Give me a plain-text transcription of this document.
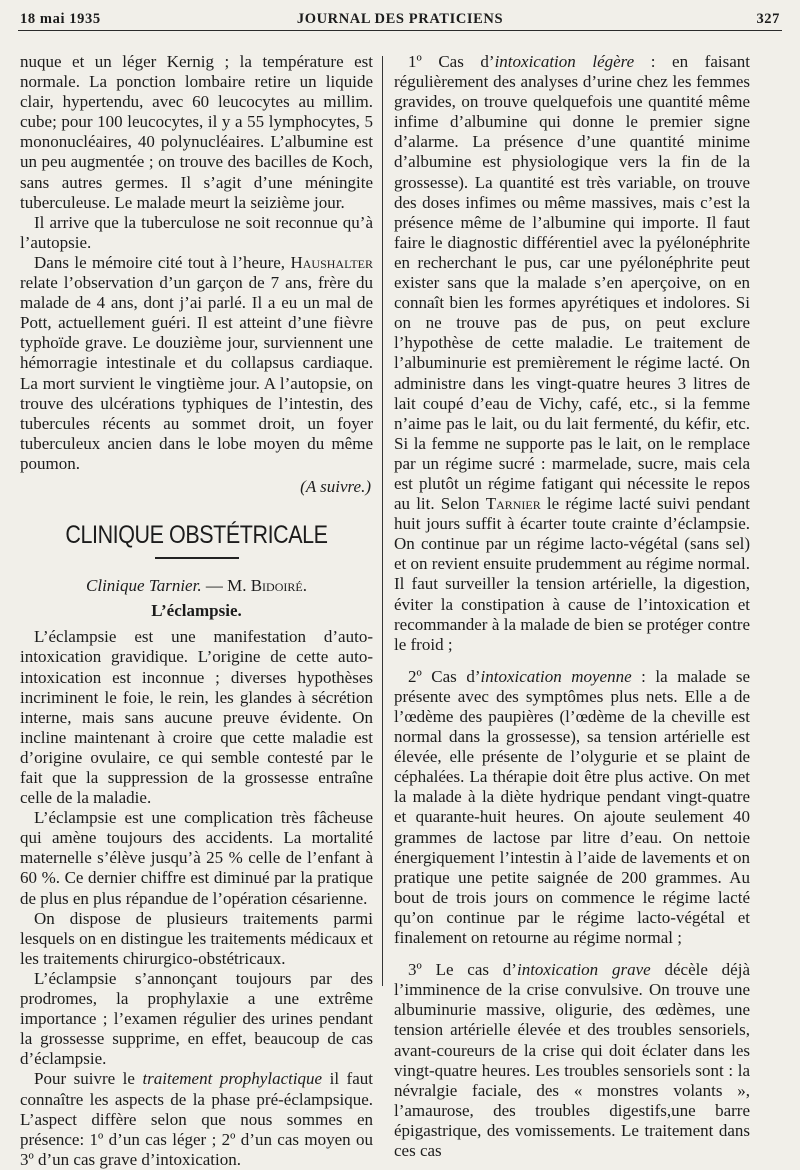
18 mai 1935	JOURNAL DES PRATICIENS	327

nuque et un léger Kernig ; la température est normale. La ponction lombaire retire un liquide clair, hypertendu, avec 60 leucocytes au millim. cube; pour 100 leucocytes, il y a 55 lymphocytes, 5 mononucléaires, 40 polynucléaires. L’albumine est un peu augmentée ; on trouve des bacilles de Koch, sans autres germes. Il s’agit d’une méningite tuberculeuse. Le malade meurt la seizième jour.

Il arrive que la tuberculose ne soit reconnue qu’à l’autopsie.

Dans le mémoire cité tout à l’heure, Haushalter relate l’observation d’un garçon de 7 ans, frère du malade de 4 ans, dont j’ai parlé. Il a eu un mal de Pott, actuellement guéri. Il est atteint d’une fièvre typhoïde grave. Le douzième jour, surviennent une hémorragie intestinale et du collapsus cardiaque. La mort survient le vingtième jour. A l’autopsie, on trouve des ulcérations typhiques de l’intestin, des tubercules récents au sommet droit, un foyer tuberculeux ancien dans le lobe moyen du même poumon.

(A suivre.)
CLINIQUE OBSTÉTRICALE
Clinique Tarnier. — M. Bidoiré.
L’éclampsie.

L’éclampsie est une manifestation d’auto-intoxication gravidique. L’origine de cette auto-intoxication est inconnue ; diverses hypothèses incriminent le foie, le rein, les glandes à sécrétion interne, mais sans aucune preuve évidente. On incline maintenant à croire que cette maladie est d’origine ovulaire, ce qui semble contesté par le fait que la suppression de la grossesse entraîne celle de la maladie.

L’éclampsie est une complication très fâcheuse qui amène toujours des accidents. La mortalité maternelle s’élève jusqu’à 25 % celle de l’enfant à 60 %. Ce dernier chiffre est diminué par la pratique de plus en plus répandue de l’opération césarienne.

On dispose de plusieurs traitements parmi lesquels on en distingue les traitements médicaux et les traitements chirurgico-obstétricaux.

L’éclampsie s’annonçant toujours par des prodromes, la prophylaxie a une extrême importance ; l’examen régulier des urines pendant la grossesse supprime, en effet, beaucoup de cas d’éclampsie.

Pour suivre le traitement prophylactique il faut connaître les aspects de la phase pré-éclampsique. L’aspect diffère selon que nous sommes en présence: 1º d’un cas léger ; 2º d’un cas moyen ou 3º d’un cas grave d’intoxication.

1º Cas d’intoxication légère : en faisant régulièrement des analyses d’urine chez les femmes gravides, on trouve quelquefois une quantité même infime d’albumine qui donne le premier signe d’alarme. La présence d’une quantité minime d’albumine est physiologique vers la fin de la grossesse). La quantité est très variable, on trouve des doses infimes ou même massives, mais c’est la présence même de l’albumine qui importe. Il faut faire le diagnostic différentiel avec la pyélonéphrite en recherchant le pus, car une pyélonéphrite peut exister sans que la malade s’en aperçoive, on en connaît bien les formes apyrétiques et indolores. Si on ne trouve pas de pus, on peut exclure l’hypothèse de cette maladie. Le traitement de l’albuminurie est premièrement le régime lacté. On administre dans les vingt-quatre heures 3 litres de lait coupé d’eau de Vichy, café, etc., si la femme n’aime pas le lait, ou du lait fermenté, du kéfir, etc. Si la femme ne supporte pas le lait, on le remplace par un régime sucré : marmelade, sucre, mais cela est plutôt un régime fatigant qui nécessite le repos au lit. Selon Tarnier le régime lacté suivi pendant huit jours suffit à écarter toute crainte d’éclampsie. On continue par un régime lacto-végétal (sans sel) et on revient ensuite prudemment au régime normal. Il faut surveiller la tension artérielle, la digestion, éviter la constipation à cause de l’intoxication et recommander à la malade de bien se protéger contre le froid ;

2º Cas d’intoxication moyenne : la malade se présente avec des symptômes plus nets. Elle a de l’œdème des paupières (l’œdème de la cheville est normal dans la grossesse), sa tension artérielle est élevée, elle présente de l’olygurie et se plaint de céphalées. La thérapie doit être plus active. On met la malade à la diète hydrique pendant vingt-quatre et quarante-huit heures. On ajoute seulement 40 grammes de lactose par litre d’eau. On nettoie énergiquement l’intestin à l’aide de lavements et on pratique une petite saignée de 200 grammes. Au bout de trois jours on commence le régime lacté qu’on continue par le régime lacto-végétal et finalement on retourne au régime normal ;

3º Le cas d’intoxication grave décèle déjà l’imminence de la crise convulsive. On trouve une albuminurie massive, oligurie, des œdèmes, une tension artérielle élevée et des troubles sensoriels, avant-coureurs de la crise qui doit éclater dans les vingt-quatre heures. Les troubles sensoriels sont : la névralgie faciale, des « monstres volants », l’amaurose, des troubles digestifs,une barre épigastrique, des vomissements. Le traitement dans ces cas
